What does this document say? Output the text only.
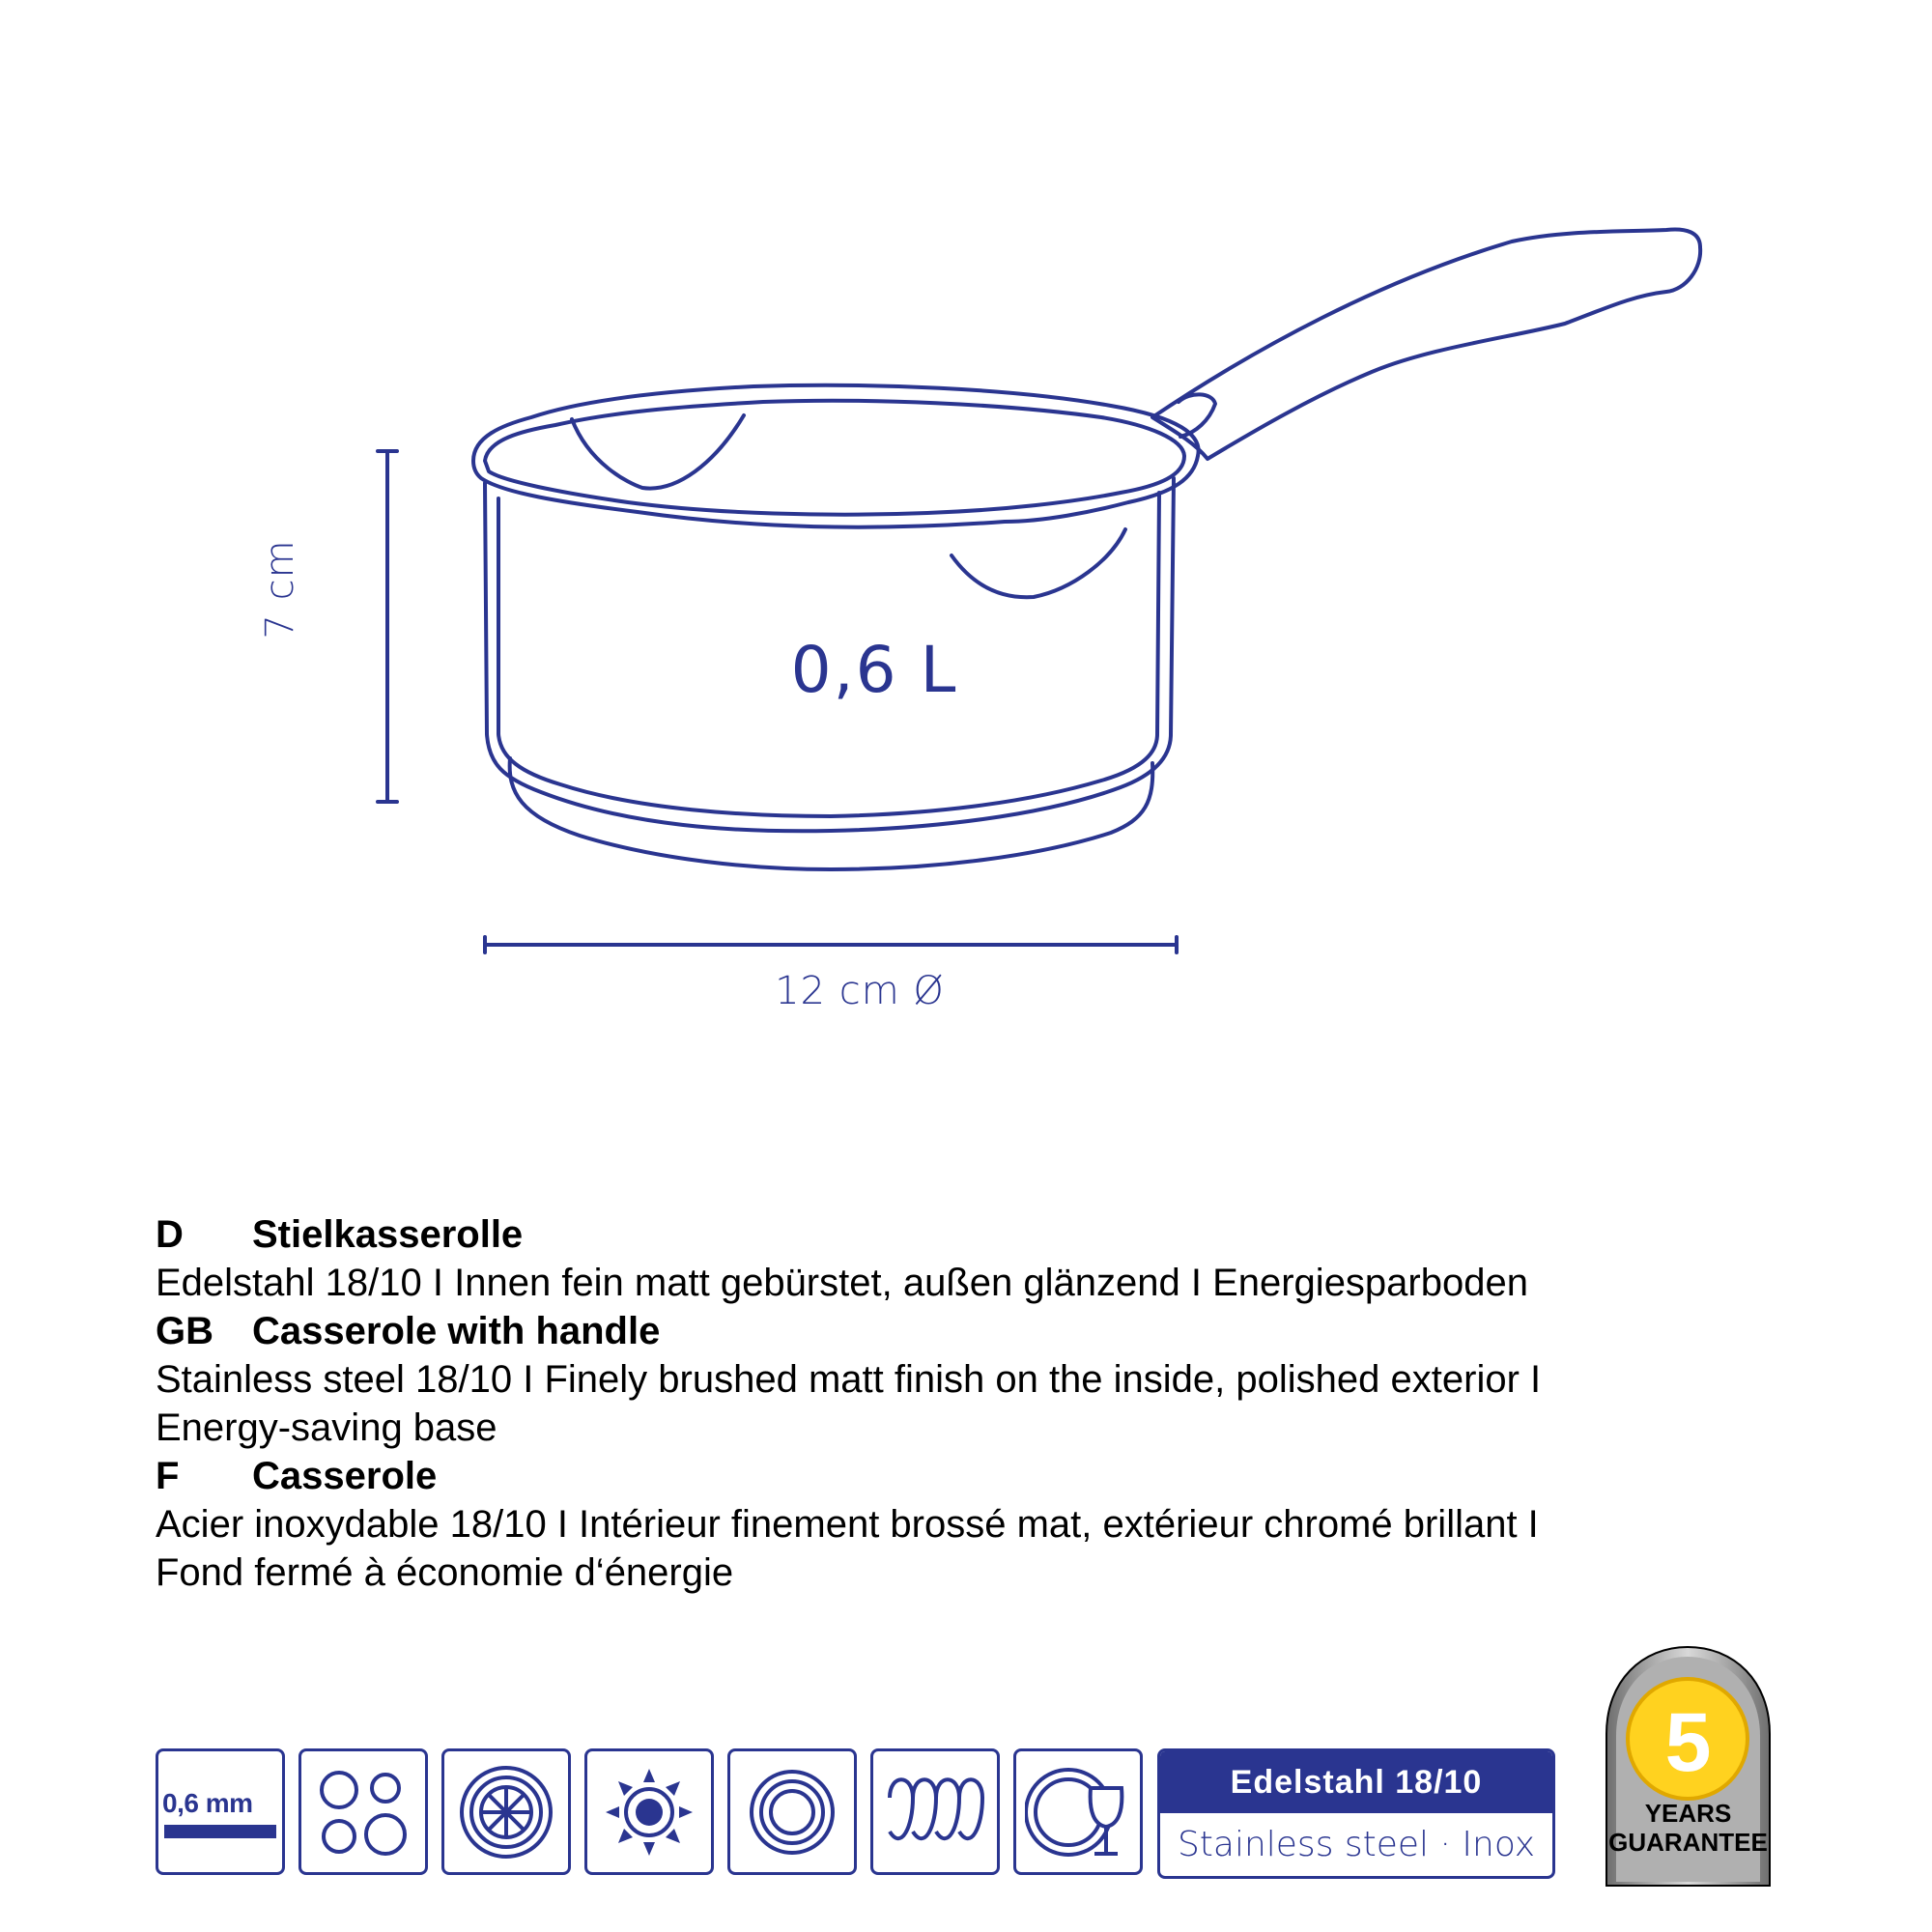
7 cm
12 cm Ø
0,6 L
D	Stielkasserolle
Edelstahl 18/10 I Innen fein matt gebürstet, außen glänzend I Energiesparboden
GB	Casserole with handle
Stainless steel 18/10 I Finely brushed matt finish on the inside, polished exterior I
Energy-saving base
F	Casserole
Acier inoxydable 18/10 I Intérieur finement brossé mat, extérieur chromé brillant I
Fond fermé à économie d‘énergie
0,6 mm
Edelstahl 18/10
Stainless steel · Inox
5
YEARS
GUARANTEE
